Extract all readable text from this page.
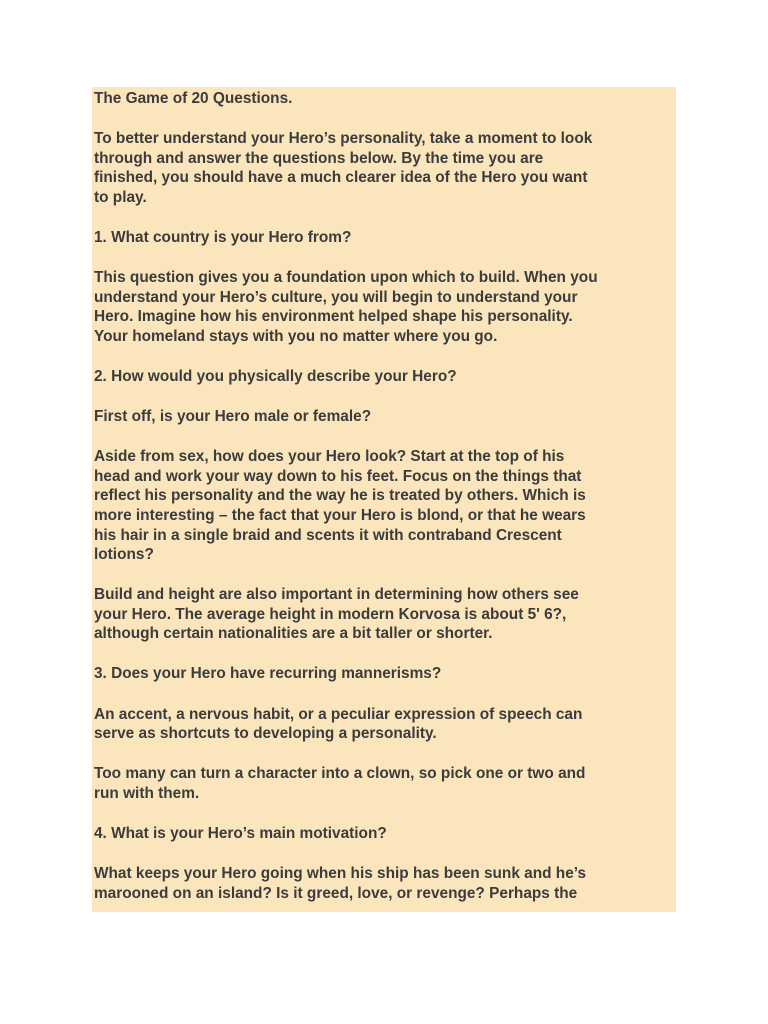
The Game of 20 Questions.

To better understand your Hero’s personality, take a moment to look
through and answer the questions below. By the time you are
finished, you should have a much clearer idea of the Hero you want
to play.

1. What country is your Hero from?

This question gives you a foundation upon which to build. When you
understand your Hero’s culture, you will begin to understand your
Hero. Imagine how his environment helped shape his personality.
Your homeland stays with you no matter where you go.

2. How would you physically describe your Hero?

First off, is your Hero male or female?

Aside from sex, how does your Hero look? Start at the top of his
head and work your way down to his feet. Focus on the things that
reflect his personality and the way he is treated by others. Which is
more interesting – the fact that your Hero is blond, or that he wears
his hair in a single braid and scents it with contraband Crescent
lotions?

Build and height are also important in determining how others see
your Hero. The average height in modern Korvosa is about 5' 6?,
although certain nationalities are a bit taller or shorter.

3. Does your Hero have recurring mannerisms?

An accent, a nervous habit, or a peculiar expression of speech can
serve as shortcuts to developing a personality.

Too many can turn a character into a clown, so pick one or two and
run with them.

4. What is your Hero’s main motivation?

What keeps your Hero going when his ship has been sunk and he’s
marooned on an island? Is it greed, love, or revenge? Perhaps the
